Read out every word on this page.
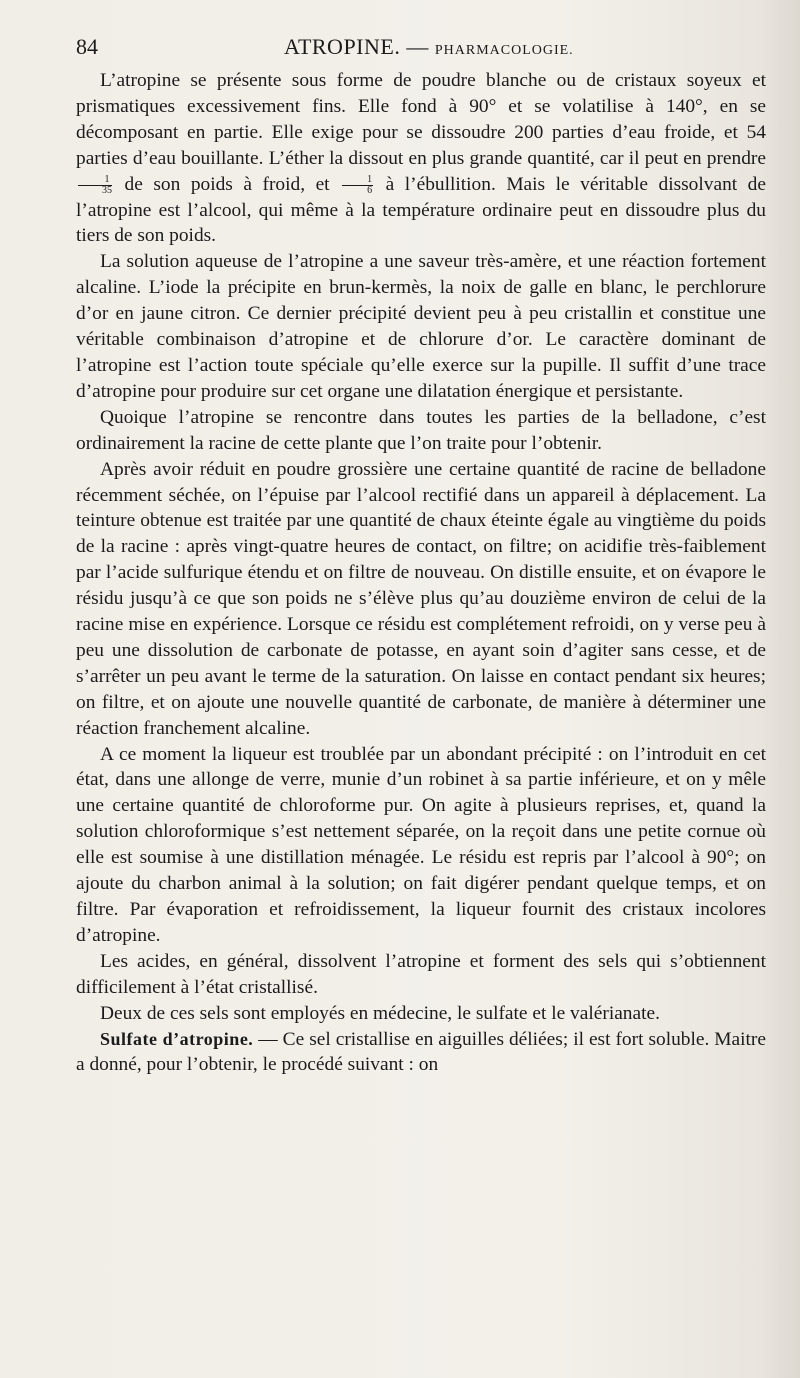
84	ATROPINE. — PHARMACOLOGIE.

L’atropine se présente sous forme de poudre blanche ou de cristaux soyeux et prismatiques excessivement fins. Elle fond à 90° et se volatilise à 140°, en se décomposant en partie. Elle exige pour se dissoudre 200 parties d’eau froide, et 54 parties d’eau bouillante. L’éther la dissout en plus grande quantité, car il peut en prendre
$\frac{1}{35}$ de son poids à froid, et $\frac{1}{6}$ à l’ébullition. Mais le véritable dissolvant de l’atropine est l’alcool, qui même à la température ordinaire peut en dissoudre plus du tiers de son poids.

La solution aqueuse de l’atropine a une saveur très-amère, et une réaction fortement alcaline. L’iode la précipite en brun-kermès, la noix de galle en blanc, le perchlorure d’or en jaune citron. Ce dernier précipité devient peu à peu cristallin et constitue une véritable combinaison d’atropine et de chlorure d’or. Le caractère dominant de l’atropine est l’action toute spéciale qu’elle exerce sur la pupille. Il suffit d’une trace d’atropine pour produire sur cet organe une dilatation énergique et persistante.

Quoique l’atropine se rencontre dans toutes les parties de la belladone, c’est ordinairement la racine de cette plante que l’on traite pour l’obtenir.

Après avoir réduit en poudre grossière une certaine quantité de racine de belladone récemment séchée, on l’épuise par l’alcool rectifié dans un appareil à déplacement. La teinture obtenue est traitée par une quantité de chaux éteinte égale au vingtième du poids de la racine : après vingt-quatre heures de contact, on filtre; on acidifie très-faiblement par l’acide sulfurique étendu et on filtre de nouveau. On distille ensuite, et on évapore le résidu jusqu’à ce que son poids ne s’élève plus qu’au douzième environ de celui de la racine mise en expérience. Lorsque ce résidu est complétement refroidi, on y verse peu à peu une dissolution de carbonate de potasse, en ayant soin d’agiter sans cesse, et de s’arrêter un peu avant le terme de la saturation. On laisse en contact pendant six heures; on filtre, et on ajoute une nouvelle quantité de carbonate, de manière à déterminer une réaction franchement alcaline.

A ce moment la liqueur est troublée par un abondant précipité : on l’introduit en cet état, dans une allonge de verre, munie d’un robinet à sa partie inférieure, et on y mêle une certaine quantité de chloroforme pur. On agite à plusieurs reprises, et, quand la solution chloroformique s’est nettement séparée, on la reçoit dans une petite cornue où elle est soumise à une distillation ménagée. Le résidu est repris par l’alcool à 90°; on ajoute du charbon animal à la solution; on fait digérer pendant quelque temps, et on filtre. Par évaporation et refroidissement, la liqueur fournit des cristaux incolores d’atropine.

Les acides, en général, dissolvent l’atropine et forment des sels qui s’obtiennent difficilement à l’état cristallisé.

Deux de ces sels sont employés en médecine, le sulfate et le valérianate.

Sulfate d’atropine. — Ce sel cristallise en aiguilles déliées; il est fort soluble. Maitre a donné, pour l’obtenir, le procédé suivant : on
